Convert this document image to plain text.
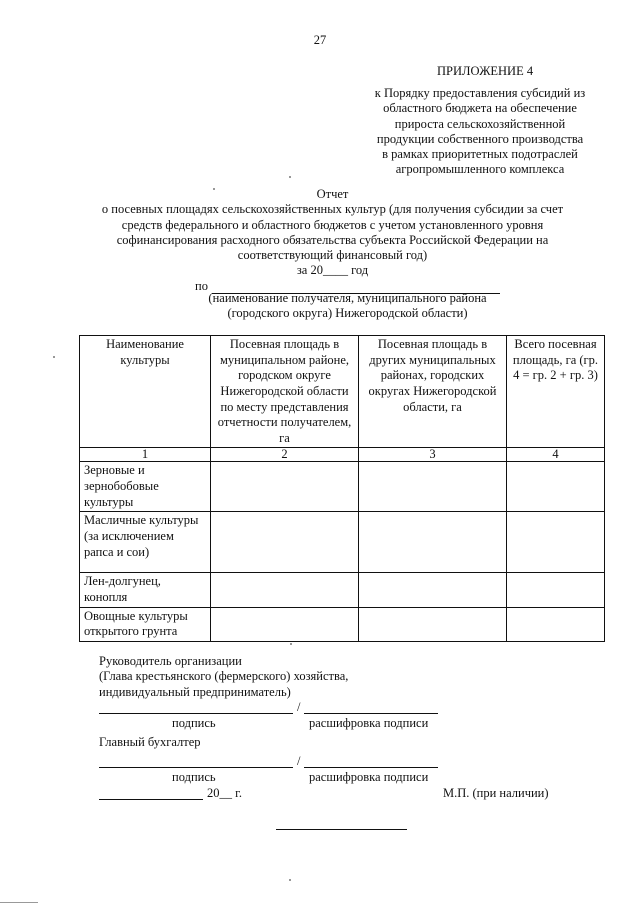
27
ПРИЛОЖЕНИЕ 4
к Порядку предоставления субсидий из
областного бюджета на обеспечение
прироста сельскохозяйственной
продукции собственного производства
в рамках приоритетных подотраслей
агропромышленного комплекса
Отчет
о посевных площадях сельскохозяйственных культур (для получения субсидии за счет
средств федерального и областного бюджетов с учетом установленного уровня
софинансирования расходного обязательства субъекта Российской Федерации на
соответствующий финансовый год)
за 20____ год
по
(наименование получателя, муниципального района
(городского округа) Нижегородской области)
Наименование культуры	Посевная площадь в муниципальном районе, городском округе Нижегородской области по месту представления отчетности получателем, га	Посевная площадь в других муниципальных районах, городских округах Нижегородской области, га	Всего посевная площадь, га (гр. 4 = гр. 2 + гр. 3)
1	2	3	4
Зерновые и зернобобовые культуры			
Масличные культуры (за исключением рапса и сои)			
Лен-долгунец, конопля			
Овощные культуры открытого грунта			
Руководитель организации
(Глава крестьянского (фермерского) хозяйства,
индивидуальный предприниматель)
/
подпись	расшифровка подписи
Главный бухгалтер
/
подпись	расшифровка подписи
20__ г.	М.П. (при наличии)
